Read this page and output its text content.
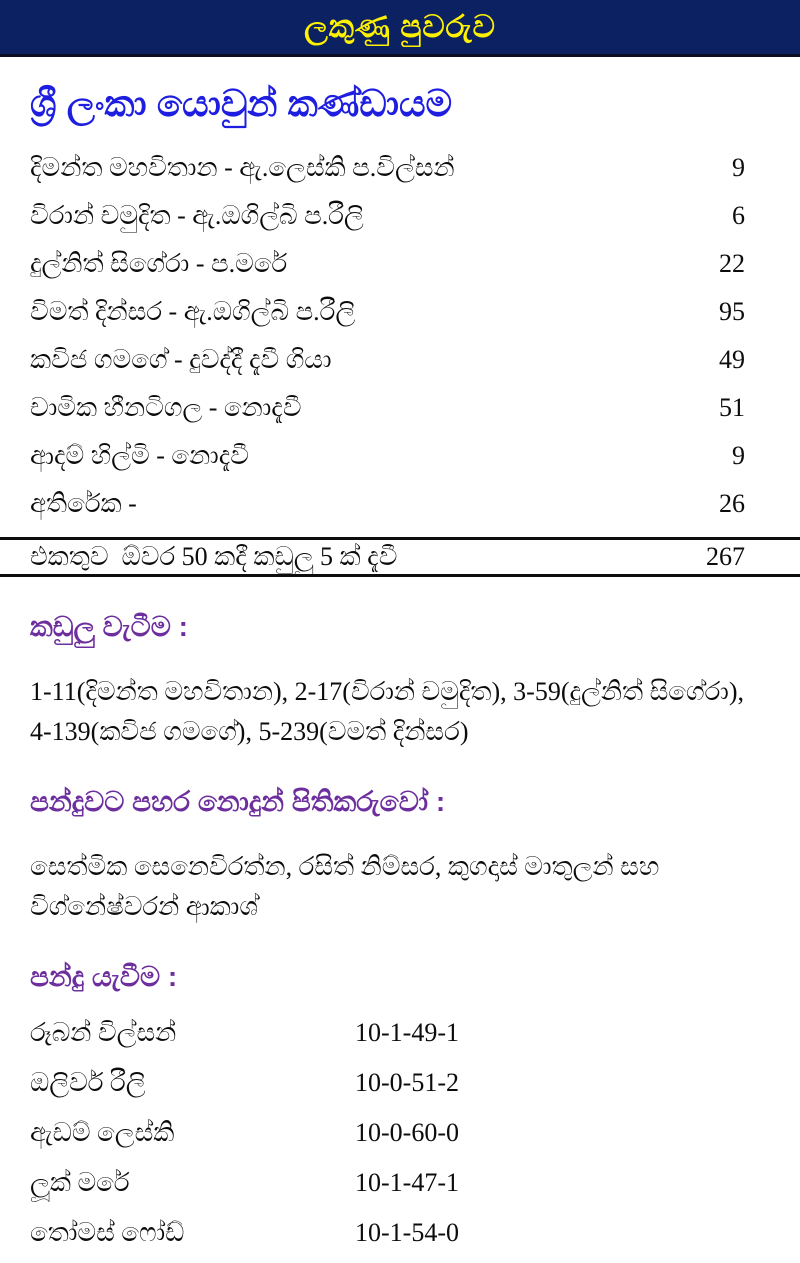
ලකුණු පුවරුව
ශ්‍රී ලංකා යොවුන් කණ්ඩායම
දිමන්ත මහවිතාන - ඇ.ලෙස්කි ප.විල්සන්	9
විරාන් චමුදිත - ඇ.ඔගිල්බි ප.රීලි	6
දුල්නිත් සිගේරා - ප.මරේ	22
විමත් දින්සර - ඇ.ඔගිල්බි ප.රීලි	95
කවිජ ගමගේ - දුවද්දී දැවී ගියා	49
චාමික හීනටිගල - නොදැවී	51
ආදම් හිල්මි - නොදැවී	9
අතිරේක -	26
එකතුව  ඕවර 50 කදී කඩුලු 5 ක් දැවී	267
කඩුලු වැටීම :

1-11(දිමන්ත මහවිතාන), 2-17(විරාන් චමුදිත), 3-59(දුල්නිත් සිගේරා), 4-139(කවිජ ගමගේ), 5-239(වමත් දින්සර)

පන්දුවට පහර නොදුන් පිතිකරුවෝ :

සෙත්මික සෙනෙවිරත්න, රසිත් නිම්සර, කුගදාස් මාතුලන් සහ විග්නේෂ්වරන් ආකාශ්

පන්දු යැවීම :
රූබන් විල්සන්	10-1-49-1
ඔලිවර් රීලි	10-0-51-2
ඇඩම් ලෙස්කි	10-0-60-0
ලූක් මරේ	10-1-47-1
තෝමස් ෆෝඩ්	10-1-54-0
